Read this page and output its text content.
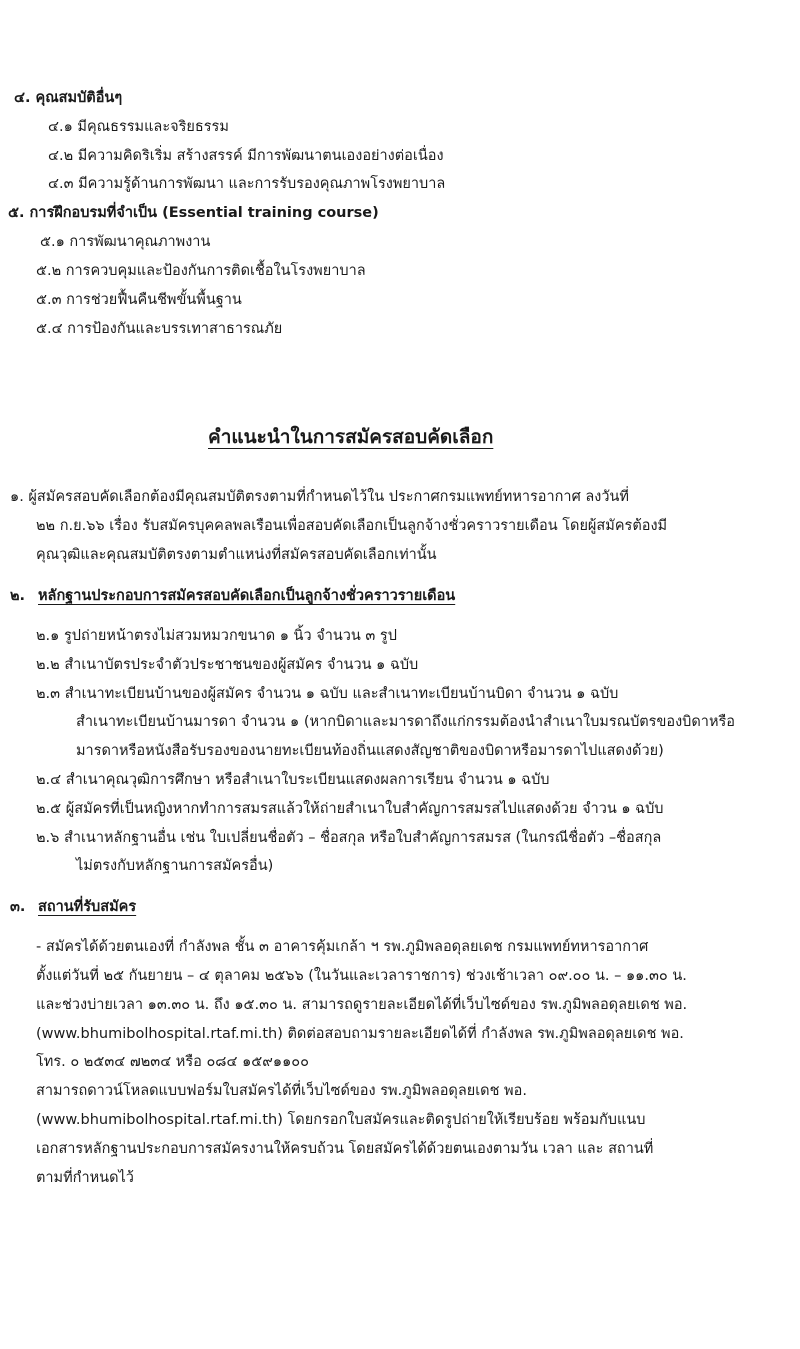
๔. คุณสมบัติอื่นๆ
๔.๑ มีคุณธรรมและจริยธรรม
๔.๒ มีความคิดริเริ่ม สร้างสรรค์ มีการพัฒนาตนเองอย่างต่อเนื่อง
๔.๓ มีความรู้ด้านการพัฒนา และการรับรองคุณภาพโรงพยาบาล
๕. การฝึกอบรมที่จำเป็น (Essential training course)
๕.๑ การพัฒนาคุณภาพงาน
๕.๒ การควบคุมและป้องกันการติดเชื้อในโรงพยาบาล
๕.๓ การช่วยฟื้นคืนชีพขั้นพื้นฐาน
๕.๔ การป้องกันและบรรเทาสาธารณภัย
คำแนะนำในการสมัครสอบคัดเลือก
๑. ผู้สมัครสอบคัดเลือกต้องมีคุณสมบัติตรงตามที่กำหนดไว้ใน ประกาศกรมแพทย์ทหารอากาศ ลงวันที่
๒๒ ก.ย.๖๖ เรื่อง รับสมัครบุคคลพลเรือนเพื่อสอบคัดเลือกเป็นลูกจ้างชั่วคราวรายเดือน โดยผู้สมัครต้องมี
คุณวุฒิและคุณสมบัติตรงตามตำแหน่งที่สมัครสอบคัดเลือกเท่านั้น
๒. หลักฐานประกอบการสมัครสอบคัดเลือกเป็นลูกจ้างชั่วคราวรายเดือน
๒.๑ รูปถ่ายหน้าตรงไม่สวมหมวกขนาด ๑ นิ้ว จำนวน ๓ รูป
๒.๒ สำเนาบัตรประจำตัวประชาชนของผู้สมัคร จำนวน ๑ ฉบับ
๒.๓ สำเนาทะเบียนบ้านของผู้สมัคร จำนวน ๑ ฉบับ และสำเนาทะเบียนบ้านบิดา จำนวน ๑ ฉบับ
สำเนาทะเบียนบ้านมารดา จำนวน ๑ (หากบิดาและมารดาถึงแก่กรรมต้องนำสำเนาใบมรณบัตรของบิดาหรือ
มารดาหรือหนังสือรับรองของนายทะเบียนท้องถิ่นแสดงสัญชาติของบิดาหรือมารดาไปแสดงด้วย)
๒.๔ สำเนาคุณวุฒิการศึกษา หรือสำเนาใบระเบียนแสดงผลการเรียน จำนวน ๑ ฉบับ
๒.๕ ผู้สมัครที่เป็นหญิงหากทำการสมรสแล้วให้ถ่ายสำเนาใบสำคัญการสมรสไปแสดงด้วย จำวน ๑ ฉบับ
๒.๖ สำเนาหลักฐานอื่น เช่น ใบเปลี่ยนชื่อตัว – ชื่อสกุล หรือใบสำคัญการสมรส (ในกรณีชื่อตัว –ชื่อสกุล
ไม่ตรงกับหลักฐานการสมัครอื่น)
๓. สถานที่รับสมัคร
- สมัครได้ด้วยตนเองที่ กำลังพล ชั้น ๓ อาคารคุ้มเกล้า ฯ รพ.ภูมิพลอดุลยเดช กรมแพทย์ทหารอากาศ
ตั้งแต่วันที่ ๒๕ กันยายน – ๔ ตุลาคม ๒๕๖๖ (ในวันและเวลาราชการ) ช่วงเช้าเวลา ๐๙.๐๐ น. – ๑๑.๓๐ น.
และช่วงบ่ายเวลา ๑๓.๓๐ น. ถึง ๑๕.๓๐ น. สามารถดูรายละเอียดได้ที่เว็บไซด์ของ รพ.ภูมิพลอดุลยเดช พอ.
(www.bhumibolhospital.rtaf.mi.th) ติดต่อสอบถามรายละเอียดได้ที่ กำลังพล รพ.ภูมิพลอดุลยเดช พอ.
โทร. ๐ ๒๕๓๔ ๗๒๓๔ หรือ ๐๘๔ ๑๕๙๑๑๐๐
สามารถดาวน์โหลดแบบฟอร์มใบสมัครได้ที่เว็บไซด์ของ รพ.ภูมิพลอดุลยเดช พอ.
(www.bhumibolhospital.rtaf.mi.th) โดยกรอกใบสมัครและติดรูปถ่ายให้เรียบร้อย พร้อมกับแนบ
เอกสารหลักฐานประกอบการสมัครงานให้ครบถ้วน โดยสมัครได้ด้วยตนเองตามวัน เวลา และ สถานที่
ตามที่กำหนดไว้
